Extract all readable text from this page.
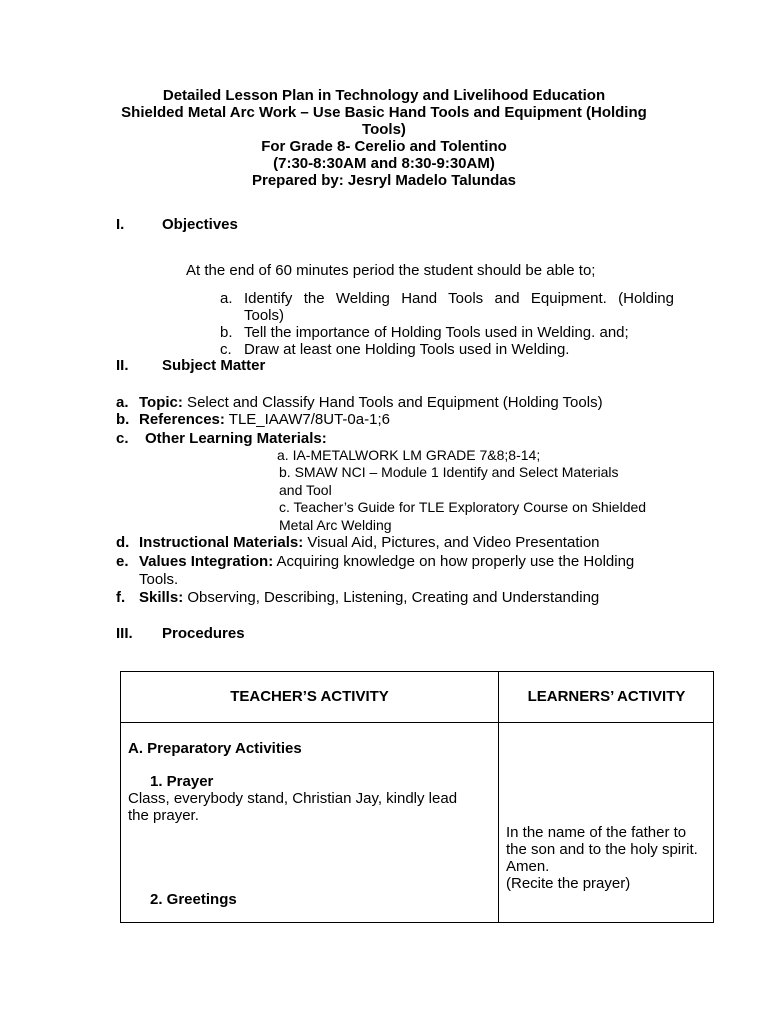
Detailed Lesson Plan in Technology and Livelihood Education
Shielded Metal Arc Work – Use Basic Hand Tools and Equipment (Holding
Tools)
For Grade 8- Cerelio and Tolentino
(7:30-8:30AM and 8:30-9:30AM)
Prepared by: Jesryl Madelo Talundas
I.	Objectives
At the end of 60 minutes period the student should be able to;
a. Identify the Welding Hand Tools and Equipment. (Holding
Tools)
b. Tell the importance of Holding Tools used in Welding. and;
c. Draw at least one Holding Tools used in Welding.
II. Subject Matter
a. Topic: Select and Classify Hand Tools and Equipment (Holding Tools)
b. References: TLE_IAAW7/8UT-0a-1;6
c. Other Learning Materials:
a. IA-METALWORK LM GRADE 7&8;8-14;
b. SMAW NCI – Module 1 Identify and Select Materials
and Tool
c. Teacher’s Guide for TLE Exploratory Course on Shielded
Metal Arc Welding
d. Instructional Materials: Visual Aid, Pictures, and Video Presentation
e. Values Integration: Acquiring knowledge on how properly use the Holding
Tools.
f. Skills: Observing, Describing, Listening, Creating and Understanding
III. Procedures
TEACHER’S ACTIVITY	LEARNERS’ ACTIVITY
A. Preparatory Activities
1. Prayer
Class, everybody stand, Christian Jay, kindly lead
the prayer.
In the name of the father to
the son and to the holy spirit.
Amen.
(Recite the prayer)
2. Greetings
